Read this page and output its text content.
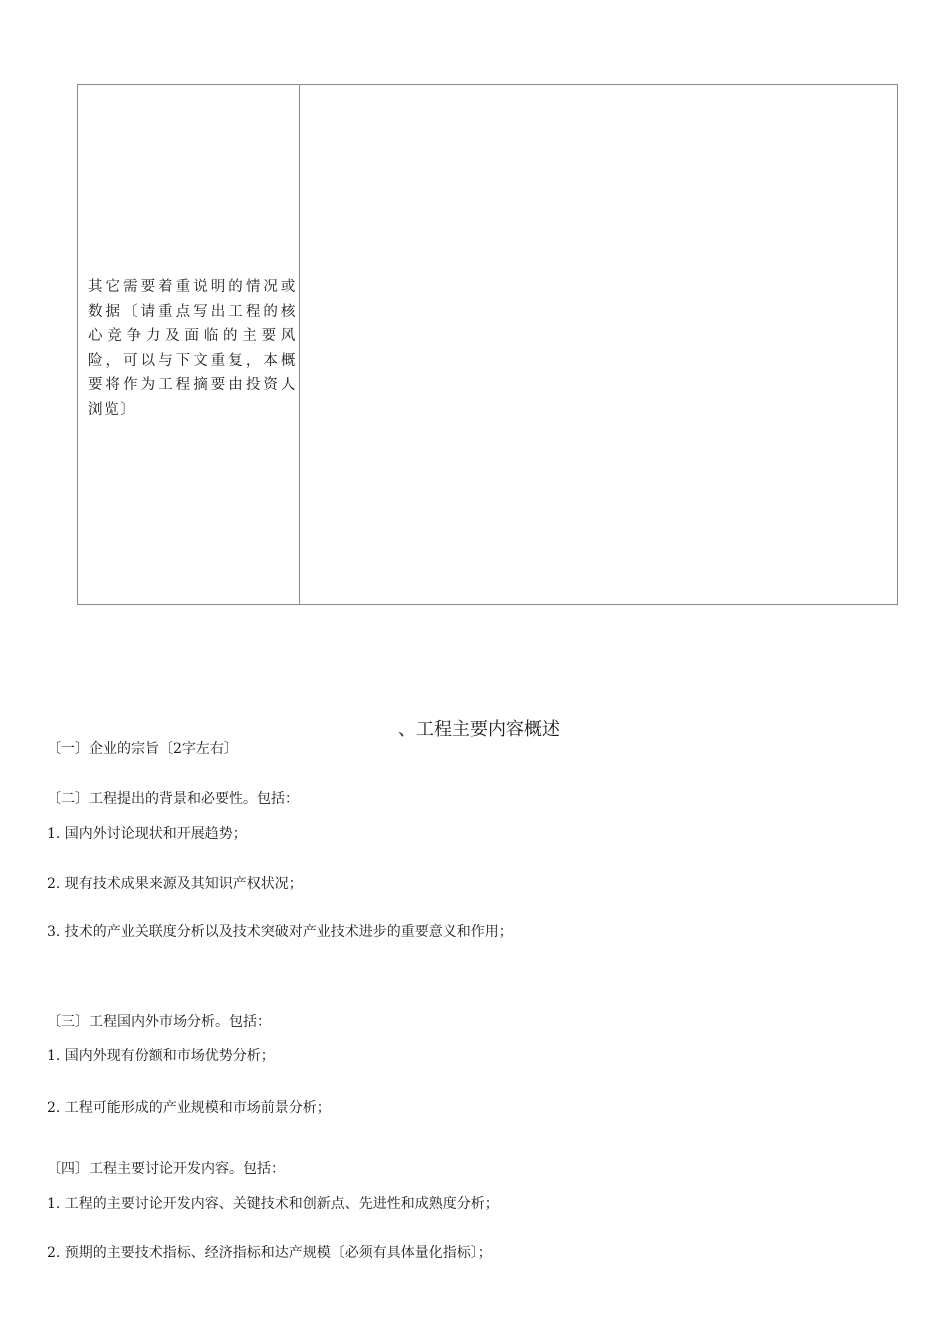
其它需要着重说明的情况或数据〔请重点写出工程的核心竞争力及面临的主要风险，可以与下文重复，本概要将作为工程摘要由投资人浏览〕
、工程主要内容概述
〔一〕企业的宗旨〔2字左右〕
〔二〕工程提出的背景和必要性。包括：
1. 国内外讨论现状和开展趋势；
2. 现有技术成果来源及其知识产权状况；
3. 技术的产业关联度分析以及技术突破对产业技术进步的重要意义和作用；
〔三〕工程国内外市场分析。包括：
1. 国内外现有份额和市场优势分析；
2. 工程可能形成的产业规模和市场前景分析；
〔四〕工程主要讨论开发内容。包括：
1. 工程的主要讨论开发内容、关键技术和创新点、先进性和成熟度分析；
2. 预期的主要技术指标、经济指标和达产规模〔必须有具体量化指标〕；
